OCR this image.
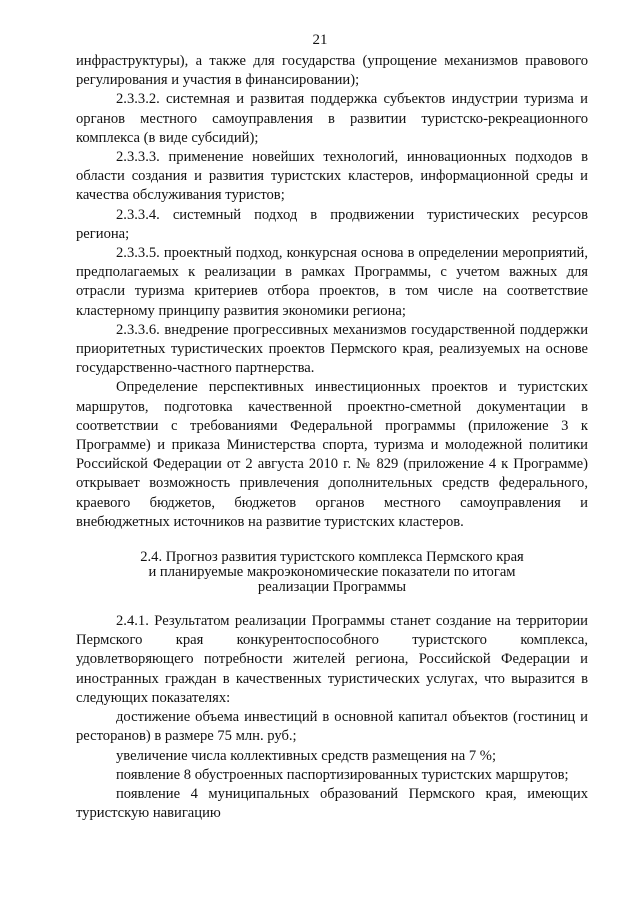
21

инфраструктуры), а также для государства (упрощение механизмов правового регулирования и участия в финансировании);

2.3.3.2. системная и развитая поддержка субъектов индустрии туризма и органов местного самоуправления в развитии туристско-рекреационного комплекса (в виде субсидий);

2.3.3.3. применение новейших технологий, инновационных подходов в области создания и развития туристских кластеров, информационной среды и качества обслуживания туристов;

2.3.3.4. системный подход в продвижении туристических ресурсов региона;

2.3.3.5. проектный подход, конкурсная основа в определении мероприятий, предполагаемых к реализации в рамках Программы, с учетом важных для отрасли туризма критериев отбора проектов, в том числе на соответствие кластерному принципу развития экономики региона;

2.3.3.6. внедрение прогрессивных механизмов государственной поддержки приоритетных туристических проектов Пермского края, реализуемых на основе государственно-частного партнерства.

Определение перспективных инвестиционных проектов и туристских маршрутов, подготовка качественной проектно-сметной документации в соответствии с требованиями Федеральной программы (приложение 3 к Программе) и приказа Министерства спорта, туризма и молодежной политики Российской Федерации от 2 августа 2010 г. № 829 (приложение 4 к Программе) открывает возможность привлечения дополнительных средств федерального, краевого бюджетов, бюджетов органов местного самоуправления и внебюджетных источников на развитие туристских кластеров.

2.4. Прогноз развития туристского комплекса Пермского края
и планируемые макроэкономические показатели по итогам
реализации Программы

2.4.1. Результатом реализации Программы станет создание на территории Пермского края конкурентоспособного туристского комплекса, удовлетворяющего потребности жителей региона, Российской Федерации и иностранных граждан в качественных туристических услугах, что выразится в следующих показателях:

достижение объема инвестиций в основной капитал объектов (гостиниц и ресторанов) в размере 75 млн. руб.;

увеличение числа коллективных средств размещения на 7 %;

появление 8 обустроенных паспортизированных туристских маршрутов;

появление 4 муниципальных образований Пермского края, имеющих туристскую навигацию
